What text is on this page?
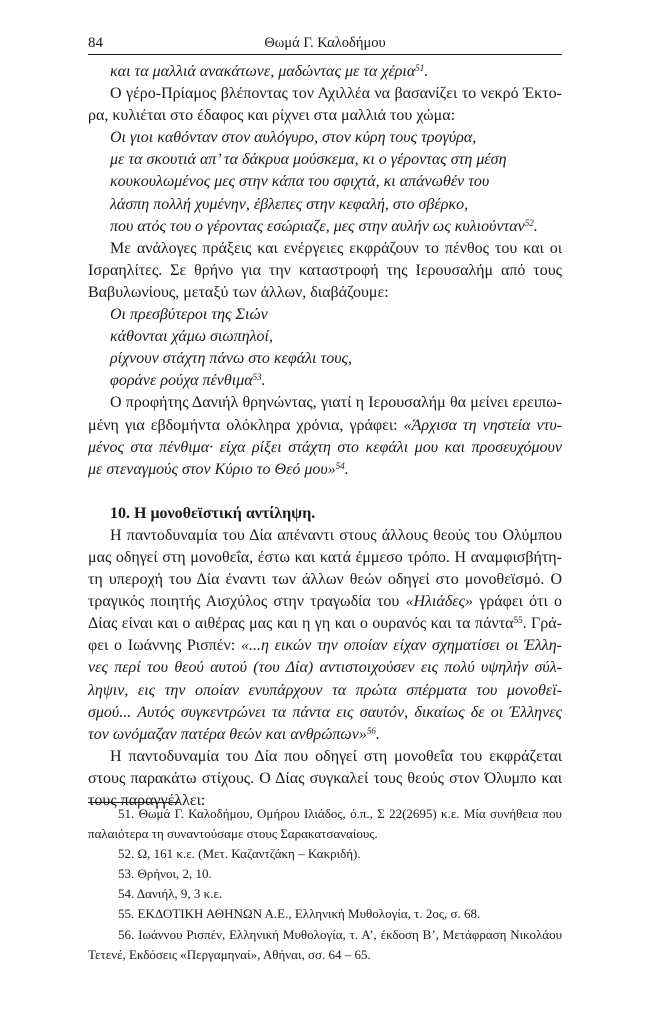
84	Θωμά Γ. Καλοδήμου
και τα μαλλιά ανακάτωνε, μαδώντας με τα χέρια$^{51}$.
Ο γέρο-Πρίαμος βλέποντας τον Αχιλλέα να βασανίζει το νεκρό Έκτο-
ρα, κυλιέται στο έδαφος και ρίχνει στα μαλλιά του χώμα:
Οι γιοι καθόνταν στον αυλόγυρο, στον κύρη τους τρογύρα,
με τα σκουτιά απ’ τα δάκρυα μούσκεμα, κι ο γέροντας στη μέση
κουκουλωμένος μες στην κάπα του σφιχτά, κι απάνωθέν του
λάσπη πολλή χυμένην, έβλεπες στην κεφαλή, στο σβέρκο,
που ατός του ο γέροντας εσώριαζε, μες στην αυλήν ως κυλιούνταν$^{52}$.
Με ανάλογες πράξεις και ενέργειες εκφράζουν το πένθος του και οι
Ισραηλίτες. Σε θρήνο για την καταστροφή της Ιερουσαλήμ από τους
Βαβυλωνίους, μεταξύ των άλλων, διαβάζουμε:
Οι πρεσβύτεροι της Σιών
κάθονται χάμω σιωπηλοί,
ρίχνουν στάχτη πάνω στο κεφάλι τους,
φοράνε ρούχα πένθιμα$^{53}$.
Ο προφήτης Δανιήλ θρηνώντας, γιατί η Ιερουσαλήμ θα μείνει ερειπω-
μένη για εβδομήντα ολόκληρα χρόνια, γράφει: «Άρχισα τη νηστεία ντυ-
μένος στα πένθιμα· είχα ρίξει στάχτη στο κεφάλι μου και προσευχόμουν
με στεναγμούς στον Κύριο το Θεό μου»$^{54}$.
10. Η μονοθεϊστική αντίληψη.
Η παντοδυναμία του Δία απέναντι στους άλλους θεούς του Ολύμπου
μας οδηγεί στη μονοθεΐα, έστω και κατά έμμεσο τρόπο. Η αναμφισβήτη-
τη υπεροχή του Δία έναντι των άλλων θεών οδηγεί στο μονοθεϊσμό. Ο
τραγικός ποιητής Αισχύλος στην τραγωδία του «Ηλιάδες» γράφει ότι ο
Δίας είναι και ο αιθέρας μας και η γη και ο ουρανός και τα πάντα$^{55}$. Γρά-
φει ο Ιωάννης Ρισπέν: «...η εικών την οποίαν είχαν σχηματίσει οι Έλλη-
νες περί του θεού αυτού (του Δία) αντιστοιχούσεν εις πολύ υψηλήν σύλ-
ληψιν, εις την οποίαν ενυπάρχουν τα πρώτα σπέρματα του μονοθεϊ-
σμού... Αυτός συγκεντρώνει τα πάντα εις σαυτόν, δικαίως δε οι Έλληνες
τον ωνόμαζαν πατέρα θεών και ανθρώπων»$^{56}$.
Η παντοδυναμία του Δία που οδηγεί στη μονοθεΐα του εκφράζεται
στους παρακάτω στίχους. Ο Δίας συγκαλεί τους θεούς στον Όλυμπο και
τους παραγγέλλει:
51. Θωμά Γ. Καλοδήμου, Ομήρου Ιλιάδος, ό.π., Σ 22(2695) κ.ε. Μία συνήθεια που
παλαιότερα τη συναντούσαμε στους Σαρακατσαναίους.
52. Ω, 161 κ.ε. (Μετ. Καζαντζάκη – Κακριδή).
53. Θρήνοι, 2, 10.
54. Δανιήλ, 9, 3 κ.ε.
55. ΕΚΔΟΤΙΚΗ ΑΘΗΝΩΝ Α.Ε., Ελληνική Μυθολογία, τ. 2ος, σ. 68.
56. Ιωάννου Ρισπέν, Ελληνική Μυθολογία, τ. Α’, έκδοση Β’, Μετάφραση Νικολάου
Τετενέ, Εκδόσεις «Περγαμηναί», Αθήναι, σσ. 64 – 65.
